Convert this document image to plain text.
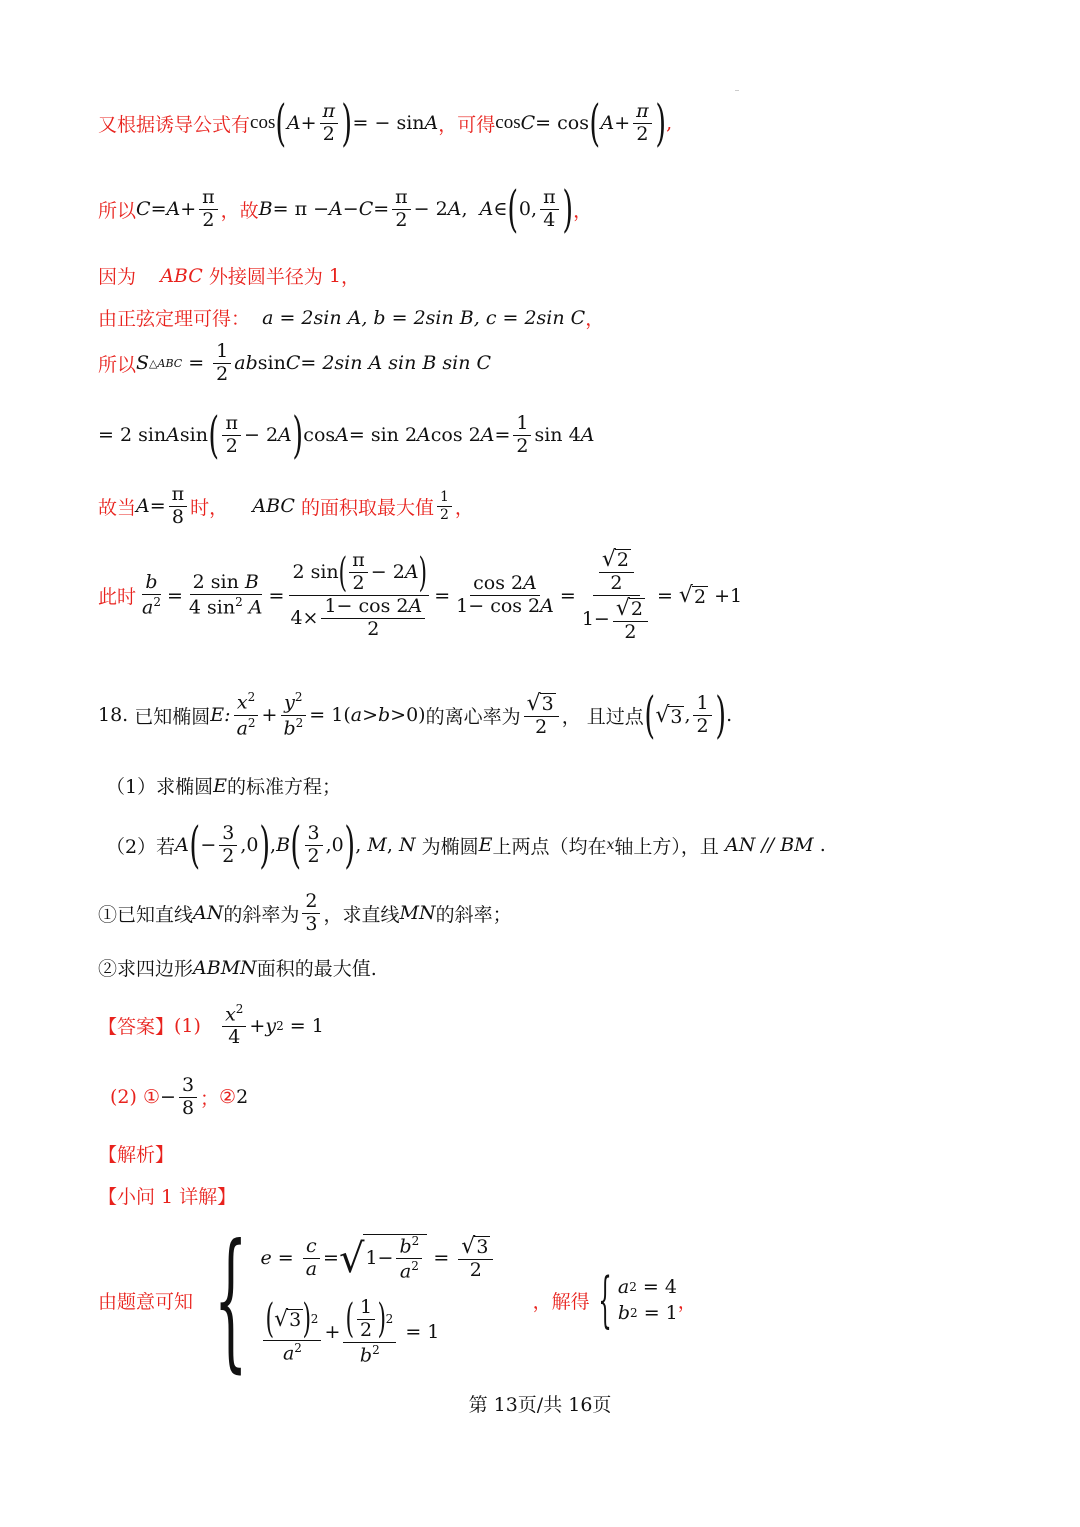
又根据诱导公式有 cos ( $A + \frac{\pi}{2}$ ) = − sin A ， 可得 cos C = cos ( $A + \frac{\pi}{2}$ ) ,
所以 $C = A + \frac{\pi}{2}$ ， 故 $B = \pi - A - C = \frac{\pi}{2} - 2$ A , A ∈ ( 0, $\frac{\pi}{4}$ ) ，
因为
ABC
外接圆半径为
1 ，
由正弦定理可得：
a = 2sin A, b = 2sin B, c = 2sin C ，
所以 S △ABC = $\frac{1}{2}$ ab sin C = 2sin A sin B sin C
= 2 sin A sin ( $\frac{\pi}{2} - 2$ A ) cos A = sin 2 A cos 2 $A = \frac{1}{2}$ sin 4 A
故当 $A = \frac{\pi}{8}$ 时，
ABC
的面积取最大值 $\frac{1}{2}$ ，
此时 $\frac{b}{a^2} = \frac{\text{2 sin B}}{4 \sin^2 A} = \frac{2 \sin ( \frac{\pi}{2} - 2 A )}{4\times \frac{1- \cos 2A}{2}} = \frac{\cos 2A}{1- \cos 2A} = \frac{\frac{√ 2}{2}}{1- \frac{√ 2}{2}}$ = √ 2 +1
18.
已知椭圆 E: $\frac{x^2}{a^2} + \frac{y^2}{b^2} = 1$( a > b >0) 的离心率为 $\frac{√ 3}{2}$ ，
且过点 ( √ 3 , $\frac{1}{2}$ ) .
（1）求椭圆 E 的标准方程；
（2）若 A ( − $\frac{3}{2} ,0$ ) , B ( $\frac{3}{2} ,0$ ) , M , N
为椭圆 E 上两点（均在 x 轴上方），且
AN // BM
.
①已知直线 AN 的斜率为 $\frac{2}{3}$ ，求直线 MN 的斜率；
②求四边形 ABMN 面积的最大值.
【答案】 (1)
$\frac{x^2}{4} + y$ 2 = 1
(2)
① − $\frac{3}{8}$ ； ② 2
【解析】
【小问 1 详解】
由题意可知 { $e = \frac{c}{a}$ = √ $1- \frac{b^2}{a^2} = \frac{√ 3}{2}$
$\frac{( √ 3 ) 2}{a^2} + \frac{( \frac{1}{2} ) 2}{b^2} = 1$

，解得 { a 2 = 4
b 2 = 1
，
第 13页/共 16页
